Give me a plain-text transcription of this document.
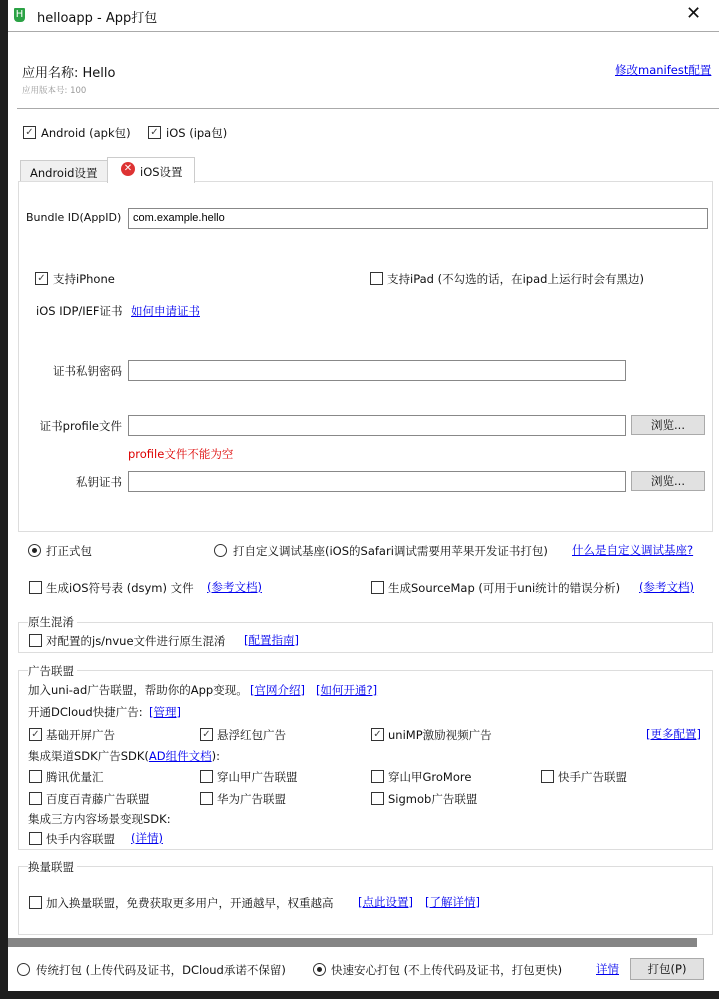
H helloapp - App打包	✕
应用名称: Hello
应用版本号: 100
修改manifest配置
✓ Android (apk包) ✓ iOS (ipa包)
Android设置	✕ iOS设置
Bundle ID(AppID)
com.example.hello
✓ 支持iPhone	支持iPad (不勾选的话，在ipad上运行时会有黑边)
iOS IDP/IEF证书 如何申请证书
证书私钥密码
证书profile文件	浏览...
profile文件不能为空
私钥证书	浏览...
打正式包	打自定义调试基座(iOS的Safari调试需要用苹果开发证书打包) 什么是自定义调试基座?
生成iOS符号表 (dsym) 文件 (参考文档)	生成SourceMap (可用于uni统计的错误分析) (参考文档)
原生混淆
对配置的js/nvue文件进行原生混淆 [配置指南]
广告联盟
加入uni-ad广告联盟，帮助你的App变现。 [官网介绍] [如何开通?]
开通DCloud快捷广告: [管理]
✓ 基础开屏广告	✓ 悬浮红包广告	✓ uniMP激励视频广告	[更多配置]
集成渠道SDK广告SDK(AD组件文档):
腾讯优量汇	穿山甲广告联盟	穿山甲GroMore	快手广告联盟
百度百青藤广告联盟	华为广告联盟	Sigmob广告联盟
集成三方内容场景变现SDK:
快手内容联盟 (详情)
换量联盟
加入换量联盟，免费获取更多用户，开通越早，权重越高 [点此设置] [了解详情]
传统打包 (上传代码及证书，DCloud承诺不保留)	快速安心打包 (不上传代码及证书，打包更快)	详情	打包(P)
